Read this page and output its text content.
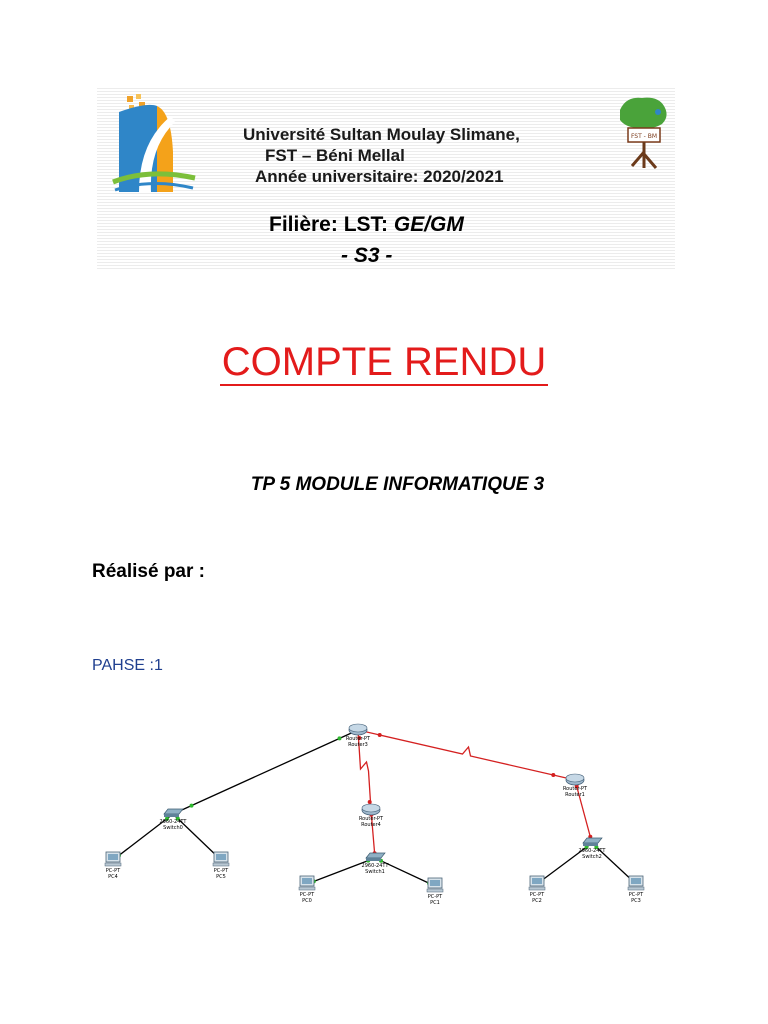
FST - BM
Université Sultan Moulay Slimane,
FST – Béni Mellal
Année universitaire: 2020/2021
Filière: LST: GE/GM
- S3 -
COMPTE RENDU
TP 5 MODULE INFORMATIQUE 3
Réalisé par :
PAHSE :1
Router-PT
Router3
Router-PT
Router4
Router-PT
Router1
2960-24TT
Switch0
2960-24TT
Switch1
2960-24TT
Switch2
PC-PT
PC4
PC-PT
PC5
PC-PT
PC0
PC-PT
PC1
PC-PT
PC2
PC-PT
PC3
